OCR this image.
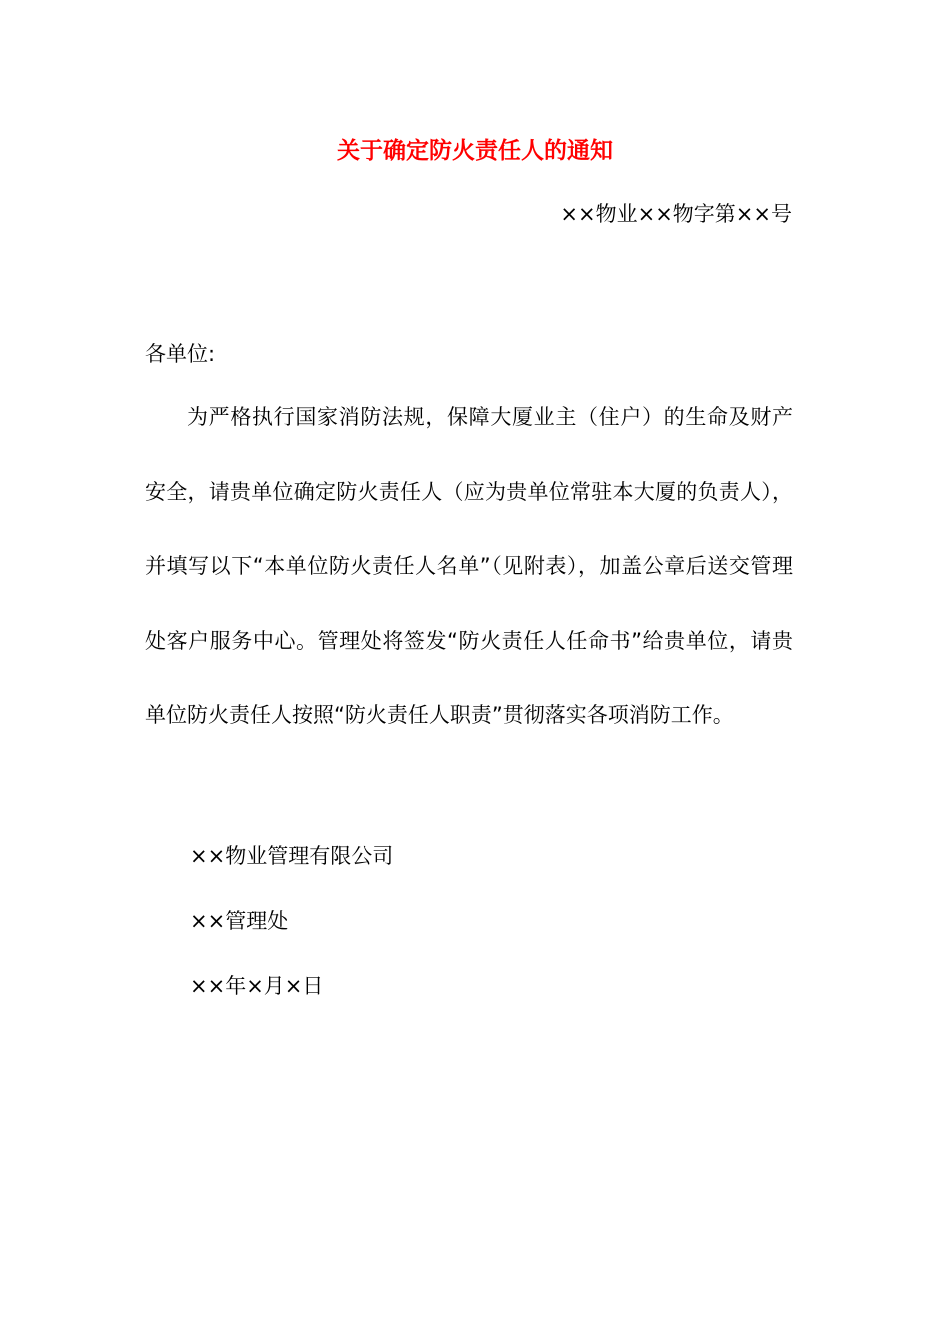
关于确定防火责任人的通知
××物业××物字第××号
各单位:

为严格执行国家消防法规，保障大厦业主（住户）的生命及财产安全，请贵单位确定防火责任人（应为贵单位常驻本大厦的负责人），并填写以下“本单位防火责任人名单”（见附表），加盖公章后送交管理处客户服务中心。管理处将签发“防火责任人任命书”给贵单位，请贵单位防火责任人按照“防火责任人职责”贯彻落实各项消防工作。

××物业管理有限公司
××管理处
××年×月×日
